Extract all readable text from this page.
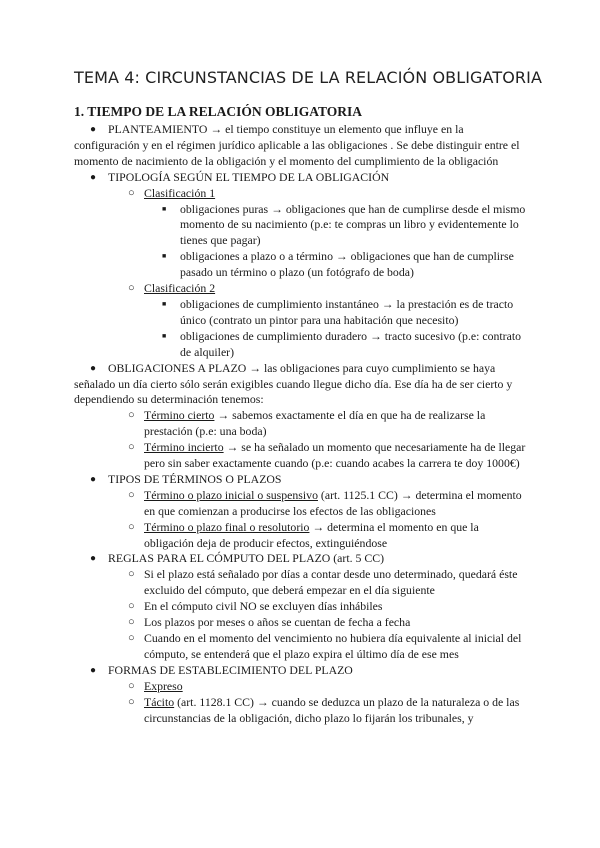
TEMA 4: CIRCUNSTANCIAS DE LA RELACIÓN OBLIGATORIA
1. TIEMPO DE LA RELACIÓN OBLIGATORIA
●	PLANTEAMIENTO → el tiempo constituye un elemento que influye en la configuración y en el régimen jurídico aplicable a las obligaciones . Se debe distinguir entre el momento de nacimiento de la obligación y el momento del cumplimiento de la obligación
● TIPOLOGÍA SEGÚN EL TIEMPO DE LA OBLIGACIÓN
○ Clasificación 1
■ obligaciones puras → obligaciones que han de cumplirse desde el mismo momento de su nacimiento (p.e: te compras un libro y evidentemente lo tienes que pagar)
■ obligaciones a plazo o a término → obligaciones que han de cumplirse pasado un término o plazo (un fotógrafo de boda)
○ Clasificación 2
■ obligaciones de cumplimiento instantáneo → la prestación es de tracto único (contrato un pintor para una habitación que necesito)
■ obligaciones de cumplimiento duradero → tracto sucesivo (p.e: contrato de alquiler)
●	OBLIGACIONES A PLAZO → las obligaciones para cuyo cumplimiento se haya señalado un día cierto sólo serán exigibles cuando llegue dicho día. Ese día ha de ser cierto y dependiendo su determinación tenemos:
○ Término cierto → sabemos exactamente el día en que ha de realizarse la prestación (p.e: una boda)
○ Término incierto → se ha señalado un momento que necesariamente ha de llegar pero sin saber exactamente cuando (p.e: cuando acabes la carrera te doy 1000€)
● TIPOS DE TÉRMINOS O PLAZOS
○ Término o plazo inicial o suspensivo (art. 1125.1 CC) → determina el momento en que comienzan a producirse los efectos de las obligaciones
○ Término o plazo final o resolutorio → determina el momento en que la obligación deja de producir efectos, extinguiéndose
● REGLAS PARA EL CÓMPUTO DEL PLAZO (art. 5 CC)
○ Si el plazo está señalado por días a contar desde uno determinado, quedará éste excluido del cómputo, que deberá empezar en el día siguiente
○ En el cómputo civil NO se excluyen días inhábiles
○ Los plazos por meses o años se cuentan de fecha a fecha
○ Cuando en el momento del vencimiento no hubiera día equivalente al inicial del cómputo, se entenderá que el plazo expira el último día de ese mes
● FORMAS DE ESTABLECIMIENTO DEL PLAZO
○ Expreso
○ Tácito (art. 1128.1 CC) → cuando se deduzca un plazo de la naturaleza o de las circunstancias de la obligación, dicho plazo lo fijarán los tribunales, y
